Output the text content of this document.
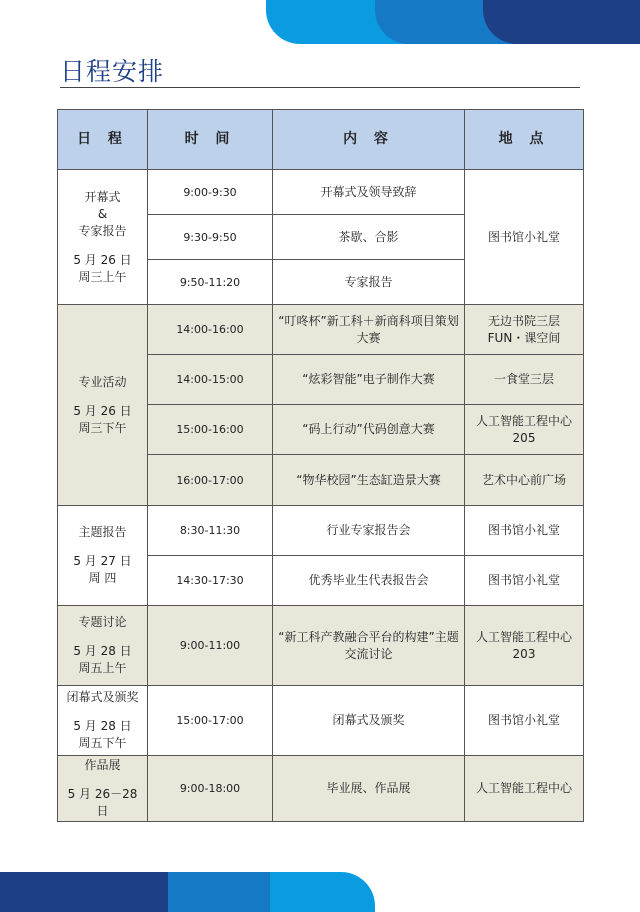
日程安排
日 程	时 间	内 容	地 点

开幕式
&
专家报告
5 月 26 日
周三上午	9:00-9:30	开幕式及领导致辞	图书馆小礼堂
	9:30-9:50	茶歇、合影	
	9:50-11:20	专家报告	

专业活动
5 月 26 日
周三下午	14:00-16:00	“叮咚杯”新工科＋新商科项目策划大赛	无边书院三层 FUN・课空间
	14:00-15:00	“炫彩智能”电子制作大赛	一食堂三层
	15:00-16:00	“码上行动”代码创意大赛	人工智能工程中心 205
	16:00-17:00	“物华校园”生态缸造景大赛	艺术中心前广场

主题报告
5 月 27 日
周 四	8:30-11:30	行业专家报告会	图书馆小礼堂
	14:30-17:30	优秀毕业生代表报告会	图书馆小礼堂

专题讨论
5 月 28 日
周五上午	9:00-11:00	“新工科产教融合平台的构建”主题交流讨论	人工智能工程中心 203

闭幕式及颁奖
5 月 28 日
周五下午	15:00-17:00	闭幕式及颁奖	图书馆小礼堂

作品展
5 月 26－28 日	9:00-18:00	毕业展、作品展	人工智能工程中心
